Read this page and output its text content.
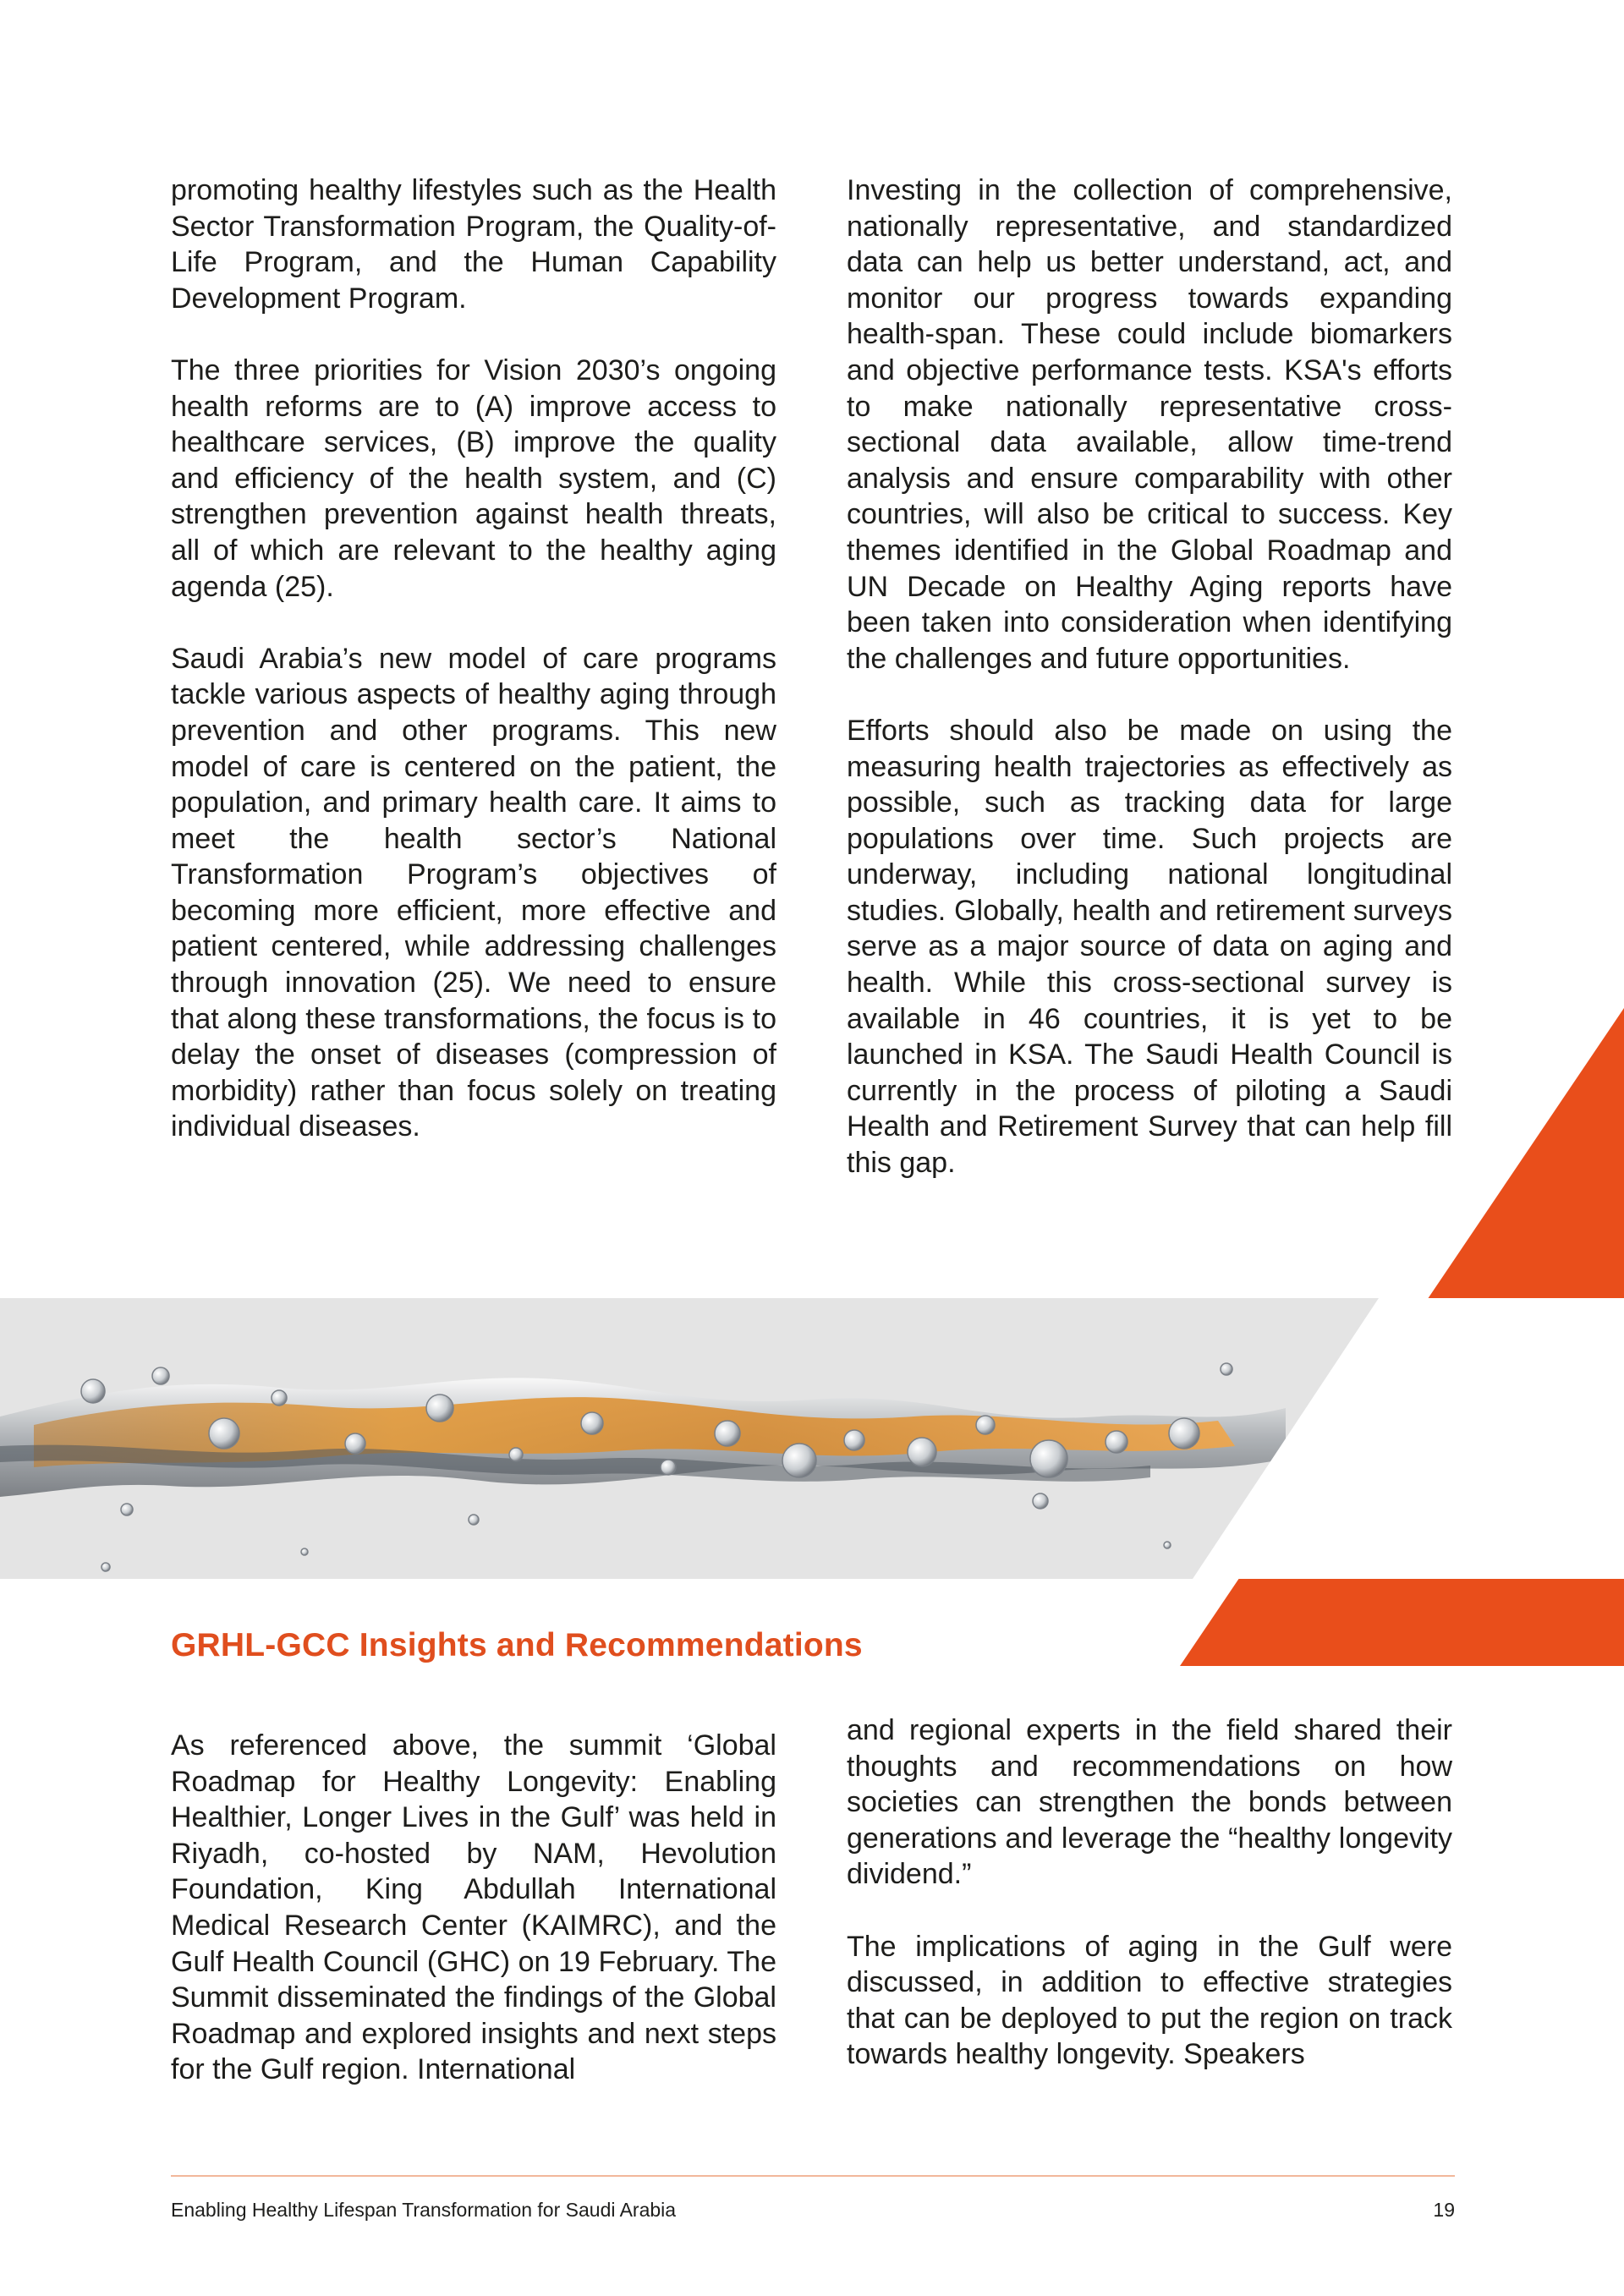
promoting healthy lifestyles such as the Health Sector Transformation Program, the Quality-of-Life Program, and the Human Capability Development Program.

The three priorities for Vision 2030’s ongoing health reforms are to (A) improve access to healthcare services, (B) improve the quality and efficiency of the health system, and (C) strengthen prevention against health threats, all of which are relevant to the healthy aging agenda (25).

Saudi Arabia’s new model of care programs tackle various aspects of healthy aging through prevention and other programs. This new model of care is centered on the patient, the population, and primary health care. It aims to meet the health sector’s National Transformation Program’s objectives of becoming more efficient, more effective and patient centered, while addressing challenges through innovation (25). We need to ensure that along these transformations, the focus is to delay the onset of diseases (compression of morbidity) rather than focus solely on treating individual diseases.

Investing in the collection of comprehensive, nationally representative, and standardized data can help us better understand, act, and monitor our progress towards expanding health-span. These could include biomarkers and objective performance tests. KSA's efforts to make nationally representative cross-sectional data available, allow time-trend analysis and ensure comparability with other countries, will also be critical to success. Key themes identified in the Global Roadmap and UN Decade on Healthy Aging reports have been taken into consideration when identifying the challenges and future opportunities.

Efforts should also be made on using the measuring health trajectories as effectively as possible, such as tracking data for large populations over time. Such projects are underway, including national longitudinal studies. Globally, health and retirement surveys serve as a major source of data on aging and health. While this cross-sectional survey is available in 46 countries, it is yet to be launched in KSA. The Saudi Health Council is currently in the process of piloting a Saudi Health and Retirement Survey that can help fill this gap.

GRHL-GCC Insights and Recommendations

As referenced above, the summit ‘Global Roadmap for Healthy Longevity: Enabling Healthier, Longer Lives in the Gulf’ was held in Riyadh, co-hosted by NAM, Hevolution Foundation, King Abdullah International Medical Research Center (KAIMRC), and the Gulf Health Council (GHC) on 19 February. The Summit disseminated the findings of the Global Roadmap and explored insights and next steps for the Gulf region. International

and regional experts in the field shared their thoughts and recommendations on how societies can strengthen the bonds between generations and leverage the “healthy longevity dividend.”

The implications of aging in the Gulf were discussed, in addition to effective strategies that can be deployed to put the region on track towards healthy longevity. Speakers

Enabling Healthy Lifespan Transformation for Saudi Arabia	19
